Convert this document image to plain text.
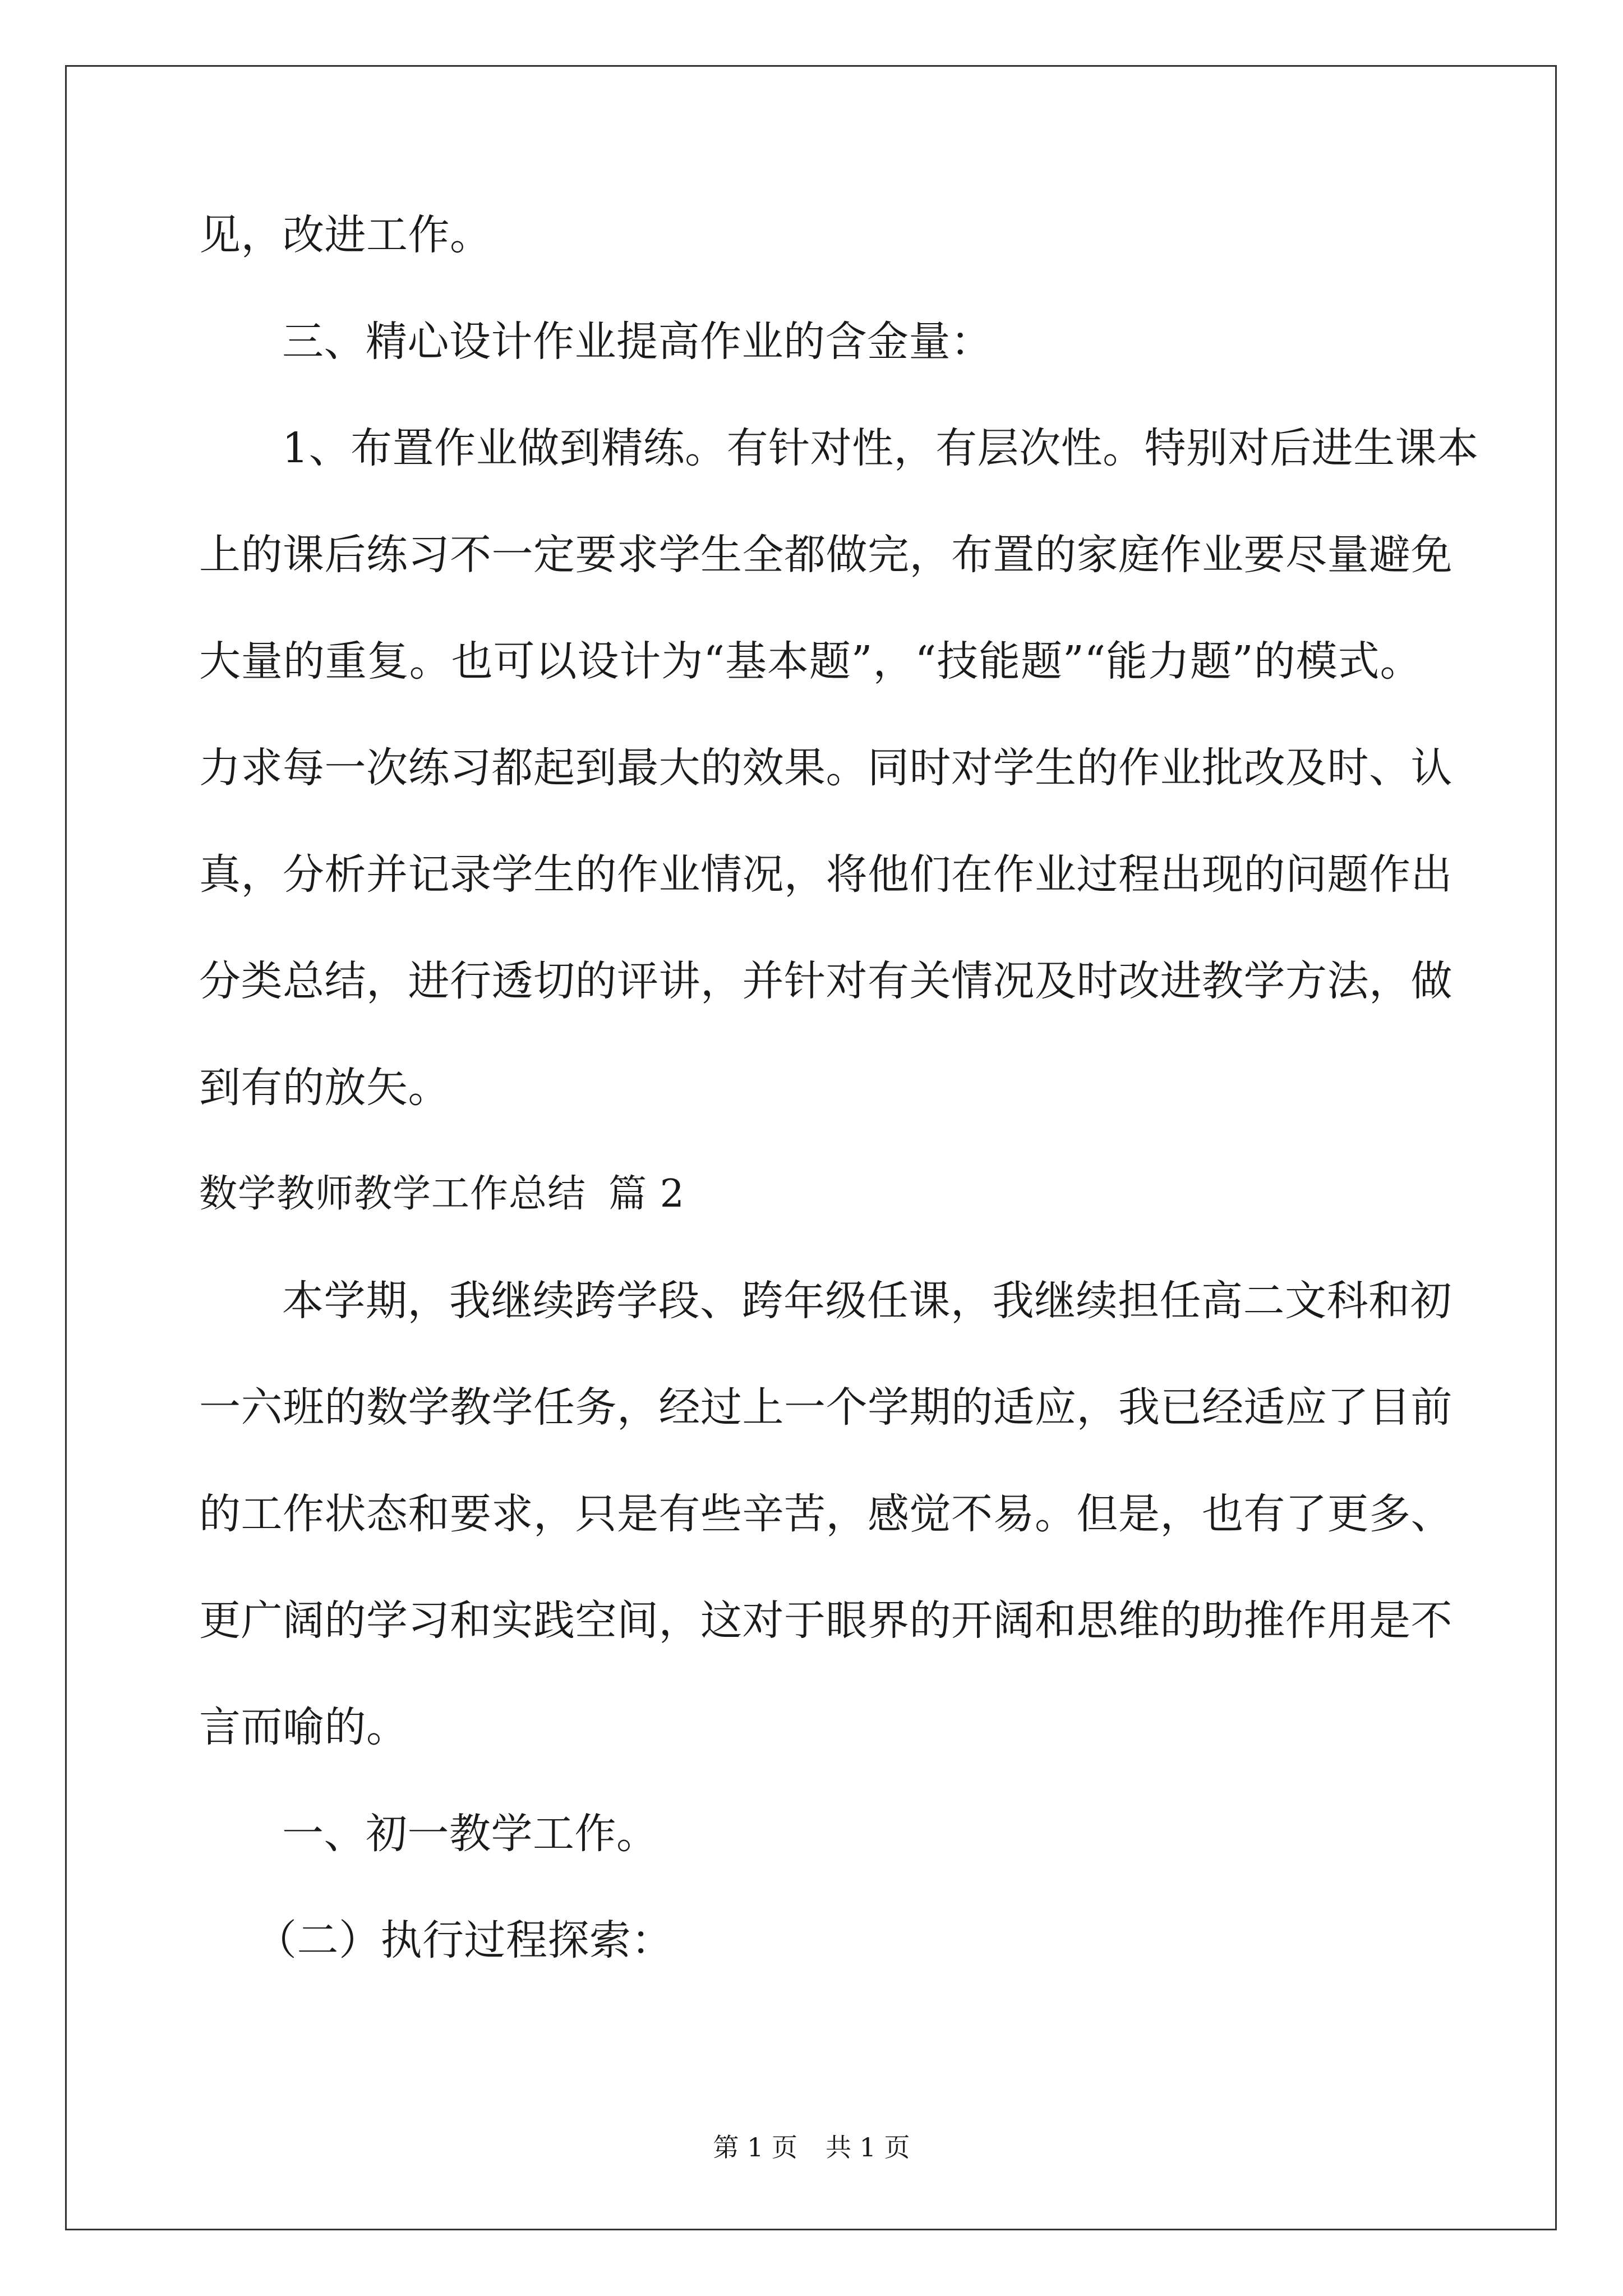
见，改进工作。
三、精心设计作业提高作业的含金量：
1、布置作业做到精练。有针对性，有层次性。特别对后进生课本
上的课后练习不一定要求学生全都做完，布置的家庭作业要尽量避免
大量的重复。也可以设计为“基本题”，“技能题”“能力题”的模式。
力求每一次练习都起到最大的效果。同时对学生的作业批改及时、认
真，分析并记录学生的作业情况，将他们在作业过程出现的问题作出
分类总结，进行透切的评讲，并针对有关情况及时改进教学方法，做
到有的放矢。
数学教师教学工作总结 篇 2
本学期，我继续跨学段、跨年级任课，我继续担任高二文科和初
一六班的数学教学任务，经过上一个学期的适应，我已经适应了目前
的工作状态和要求，只是有些辛苦，感觉不易。但是，也有了更多、
更广阔的学习和实践空间，这对于眼界的开阔和思维的助推作用是不
言而喻的。
一、初一教学工作。
（二）执行过程探索：
第 1 页 共 1 页
